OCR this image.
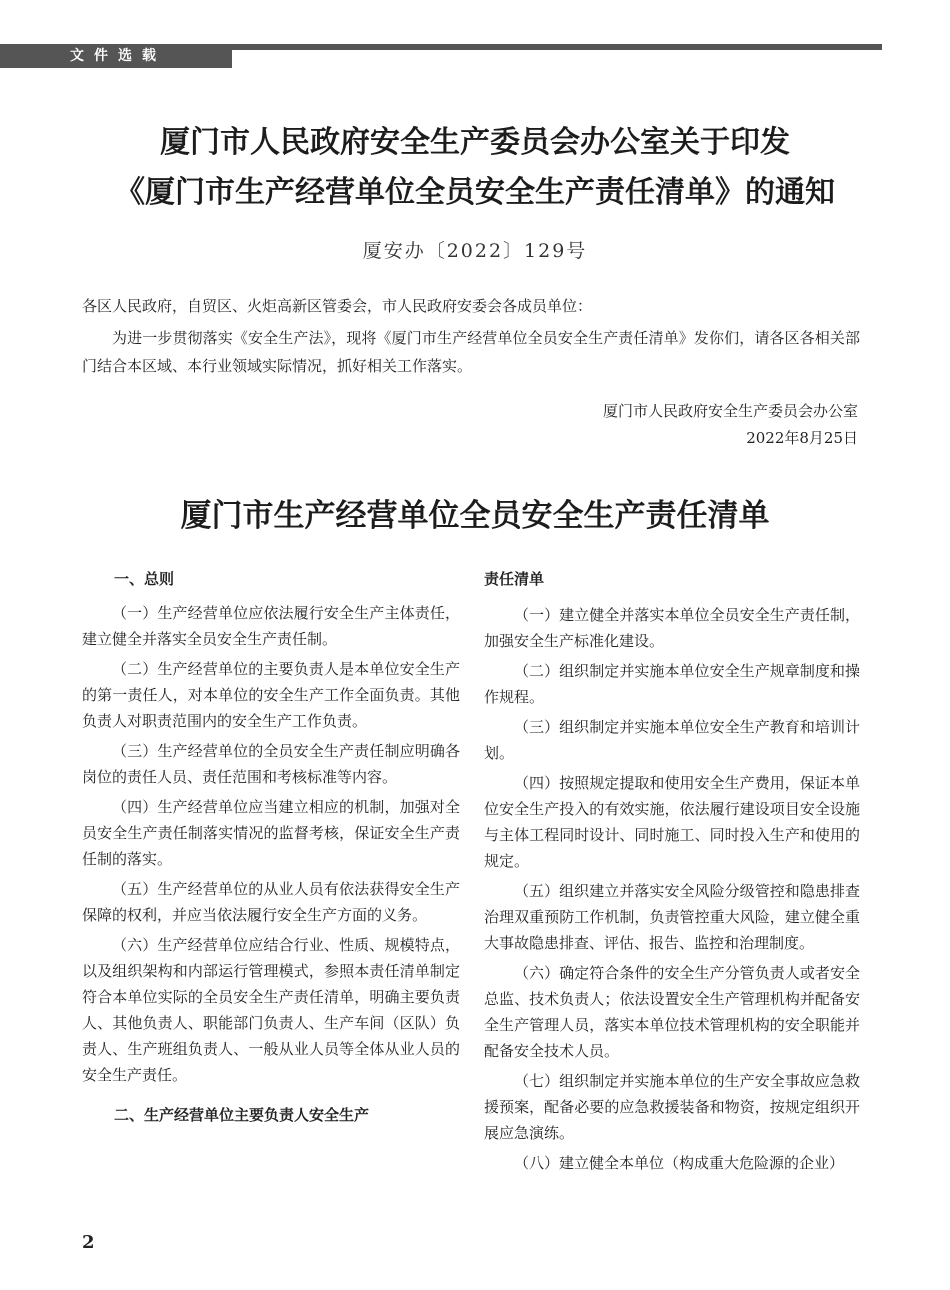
文件选载
厦门市人民政府安全生产委员会办公室关于印发
《厦门市生产经营单位全员安全生产责任清单》的通知
厦安办〔2022〕129号
各区人民政府，自贸区、火炬高新区管委会，市人民政府安委会各成员单位：
为进一步贯彻落实《安全生产法》，现将《厦门市生产经营单位全员安全生产责任清单》发你们，请各区各相关部门结合本区域、本行业领域实际情况，抓好相关工作落实。
厦门市人民政府安全生产委员会办公室
2022年8月25日
厦门市生产经营单位全员安全生产责任清单
一、总则

（一）生产经营单位应依法履行安全生产主体责任，建立健全并落实全员安全生产责任制。

（二）生产经营单位的主要负责人是本单位安全生产的第一责任人，对本单位的安全生产工作全面负责。其他负责人对职责范围内的安全生产工作负责。

（三）生产经营单位的全员安全生产责任制应明确各岗位的责任人员、责任范围和考核标准等内容。

（四）生产经营单位应当建立相应的机制，加强对全员安全生产责任制落实情况的监督考核，保证安全生产责任制的落实。

（五）生产经营单位的从业人员有依法获得安全生产保障的权利，并应当依法履行安全生产方面的义务。

（六）生产经营单位应结合行业、性质、规模特点，以及组织架构和内部运行管理模式，参照本责任清单制定符合本单位实际的全员安全生产责任清单，明确主要负责人、其他负责人、职能部门负责人、生产车间（区队）负责人、生产班组负责人、一般从业人员等全体从业人员的安全生产责任。

二、生产经营单位主要负责人安全生产
责任清单

（一）建立健全并落实本单位全员安全生产责任制，加强安全生产标准化建设。

（二）组织制定并实施本单位安全生产规章制度和操作规程。

（三）组织制定并实施本单位安全生产教育和培训计划。

（四）按照规定提取和使用安全生产费用，保证本单位安全生产投入的有效实施，依法履行建设项目安全设施与主体工程同时设计、同时施工、同时投入生产和使用的规定。

（五）组织建立并落实安全风险分级管控和隐患排查治理双重预防工作机制，负责管控重大风险，建立健全重大事故隐患排查、评估、报告、监控和治理制度。

（六）确定符合条件的安全生产分管负责人或者安全总监、技术负责人；依法设置安全生产管理机构并配备安全生产管理人员，落实本单位技术管理机构的安全职能并配备安全技术人员。

（七）组织制定并实施本单位的生产安全事故应急救援预案，配备必要的应急救援装备和物资，按规定组织开展应急演练。

（八）建立健全本单位（构成重大危险源的企业）

2
